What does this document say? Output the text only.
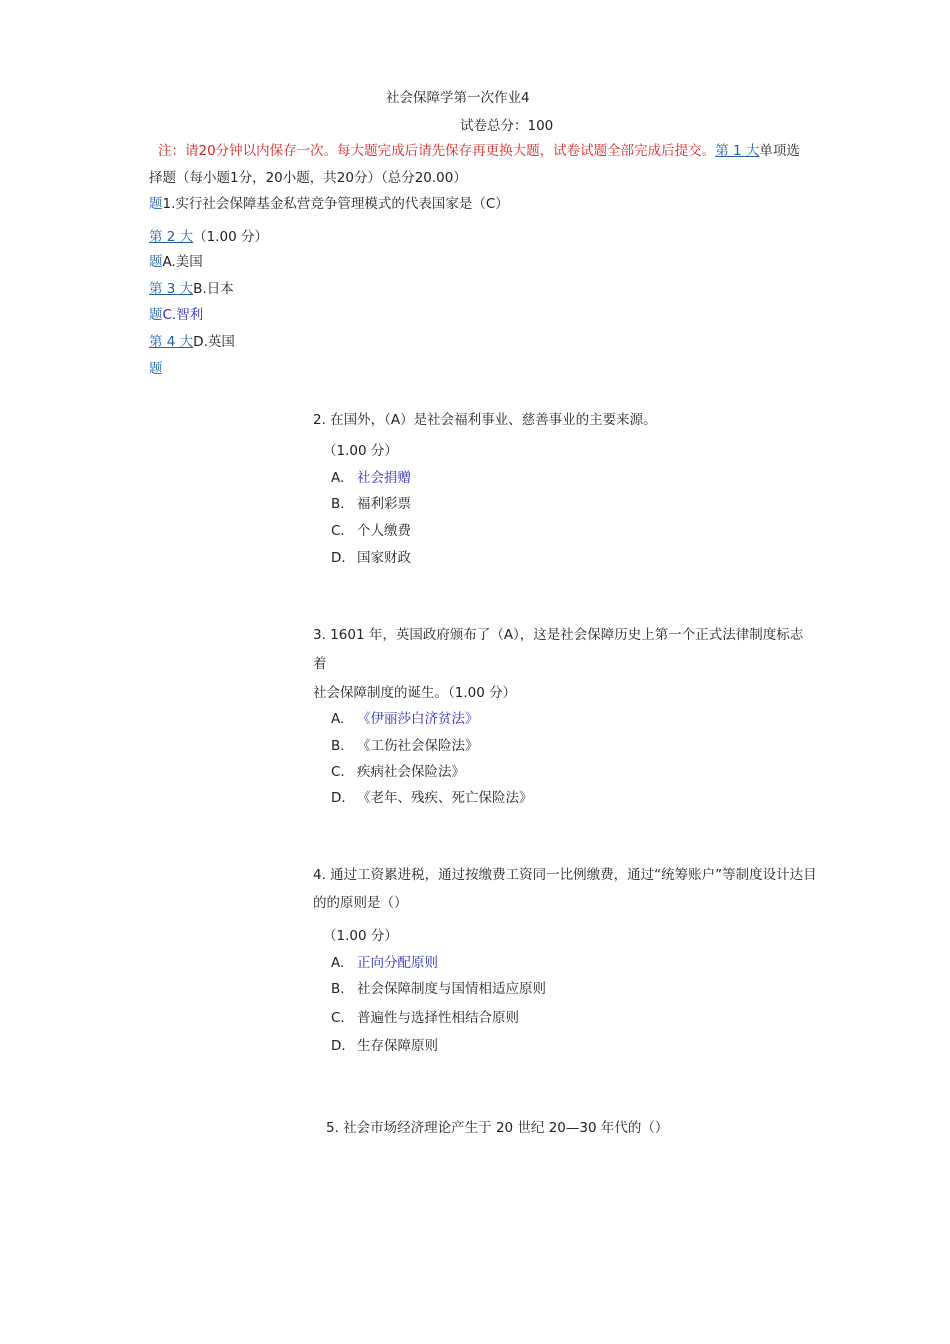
社会保障学第一次作业4
试卷总分：100
注：请20分钟以内保存一次。每大题完成后请先保存再更换大题，试卷试题全部完成后提交。第 1 大单项选
择题（每小题1分，20小题，共20分）（总分20.00）
题1.实行社会保障基金私营竞争管理模式的代表国家是（C）
第 2 大（1.00 分）
题A.美国
第 3 大B.日本
题C.智利
第 4 大D.英国
题
2. 在国外，（A）是社会福利事业、慈善事业的主要来源。
（1.00 分）
A. 社会捐赠
B. 福利彩票
C. 个人缴费
D. 国家财政
3. 1601 年，英国政府颁布了（A），这是社会保障历史上第一个正式法律制度标志
着
社会保障制度的诞生。（1.00 分）
A. 《伊丽莎白济贫法》
B. 《工伤社会保险法》
C. 疾病社会保险法》
D. 《老年、残疾、死亡保险法》
4. 通过工资累进税，通过按缴费工资同一比例缴费，通过“统筹账户”等制度设计达目
的的原则是（）
（1.00 分）
A. 正向分配原则
B. 社会保障制度与国情相适应原则
C. 普遍性与选择性相结合原则
D. 生存保障原则
5. 社会市场经济理论产生于 20 世纪 20—30 年代的（）
